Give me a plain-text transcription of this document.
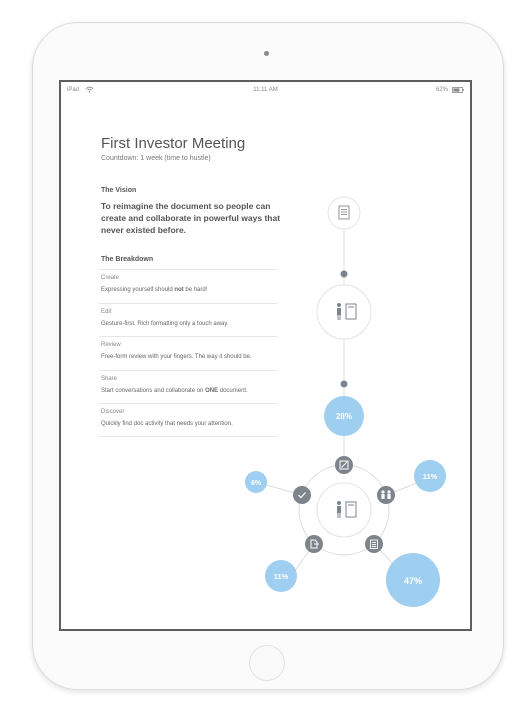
iPad	11:11 AM	62%
First Investor Meeting
Countdown: 1 week (time to hustle)
The Vision
To reimagine the document so people can create and collaborate in powerful ways that never existed before.
The Breakdown
Create
Expressing yourself should not be hard!
Edit
Gesture-first. Rich formatting only a touch away.
Review
Free-form review with your fingers. The way it should be.
Share
Start conversations and collaborate on ONE document.
Discover
Quickly find doc activity that needs your attention.
28%
6%
11%
11%	47%
